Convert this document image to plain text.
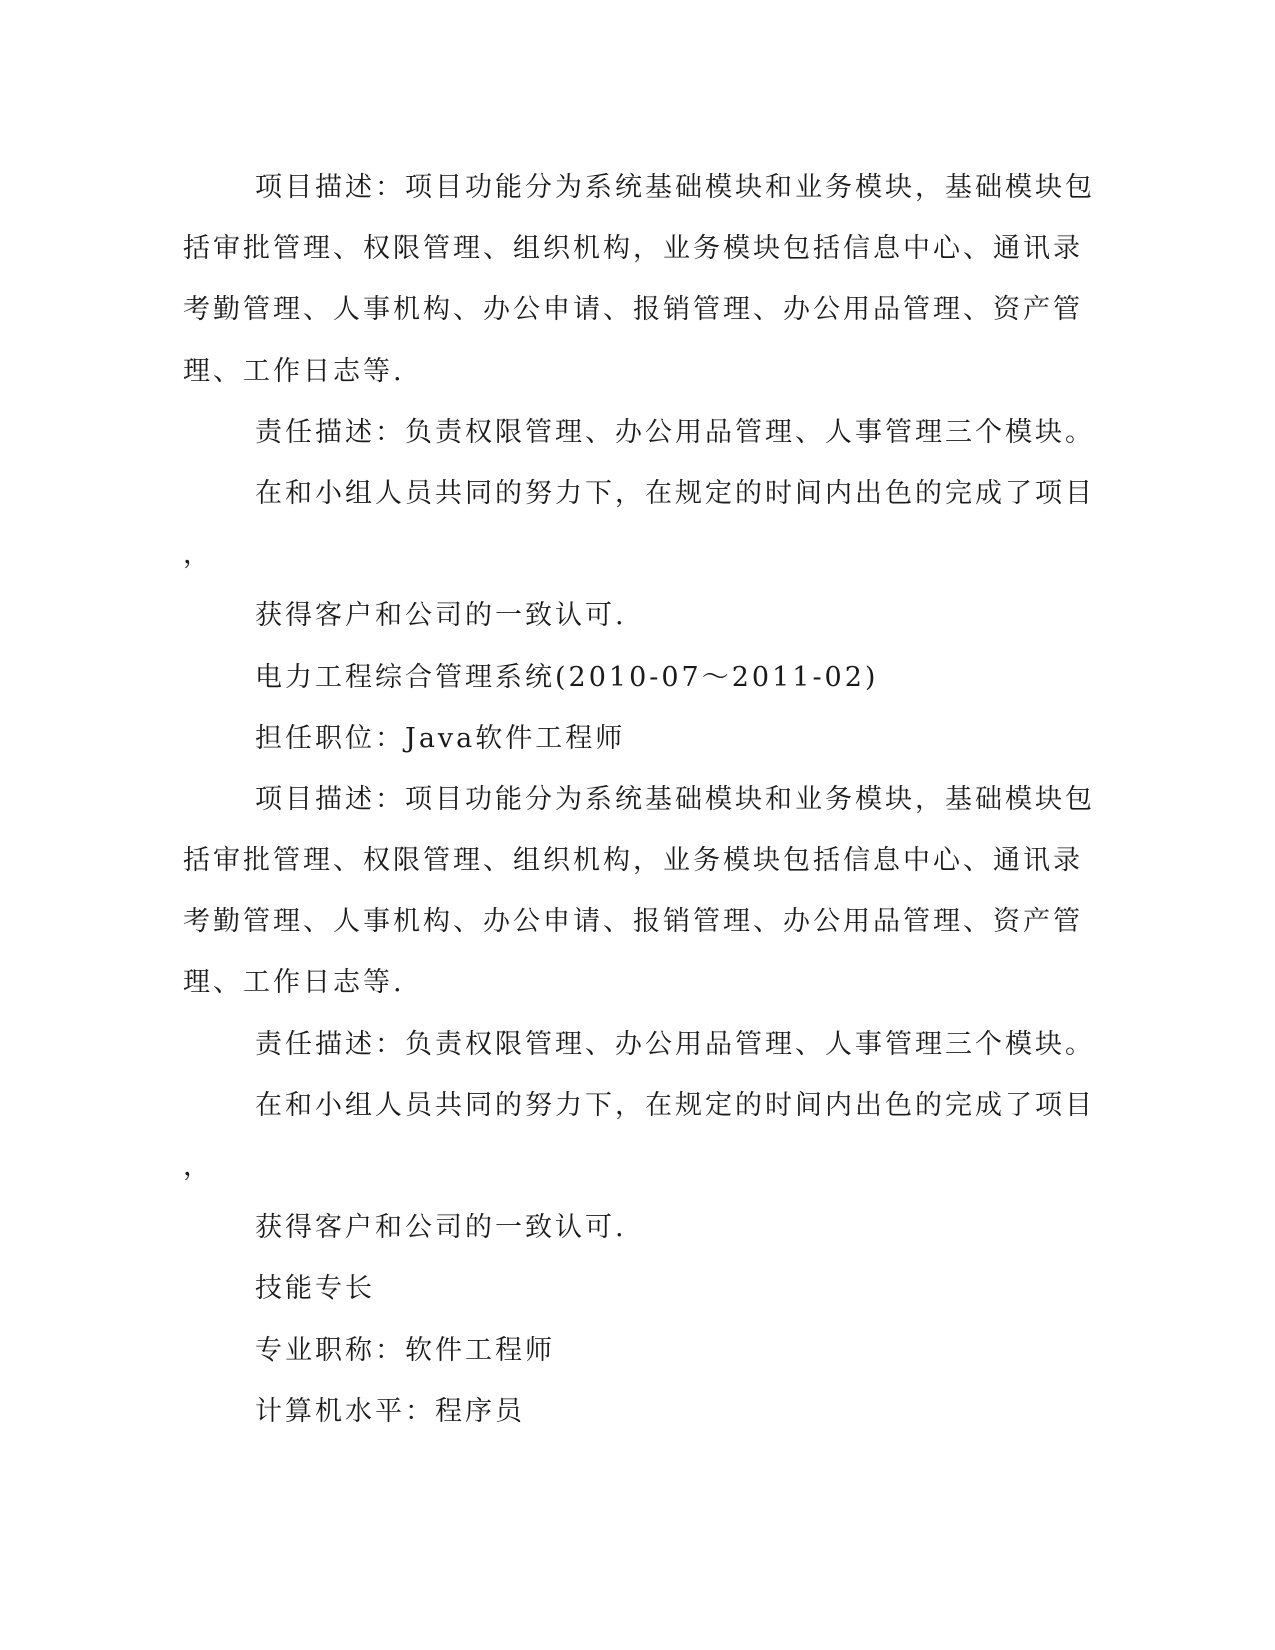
项目描述：项目功能分为系统基础模块和业务模块，基础模块包
括审批管理、权限管理、组织机构，业务模块包括信息中心、通讯录
考勤管理、人事机构、办公申请、报销管理、办公用品管理、资产管
理、工作日志等.
责任描述：负责权限管理、办公用品管理、人事管理三个模块。
在和小组人员共同的努力下，在规定的时间内出色的完成了项目
，
获得客户和公司的一致认可.
电力工程综合管理系统(2010-07～2011-02)
担任职位：Java软件工程师
项目描述：项目功能分为系统基础模块和业务模块，基础模块包
括审批管理、权限管理、组织机构，业务模块包括信息中心、通讯录
考勤管理、人事机构、办公申请、报销管理、办公用品管理、资产管
理、工作日志等.
责任描述：负责权限管理、办公用品管理、人事管理三个模块。
在和小组人员共同的努力下，在规定的时间内出色的完成了项目
，
获得客户和公司的一致认可.
技能专长
专业职称：软件工程师
计算机水平：程序员
